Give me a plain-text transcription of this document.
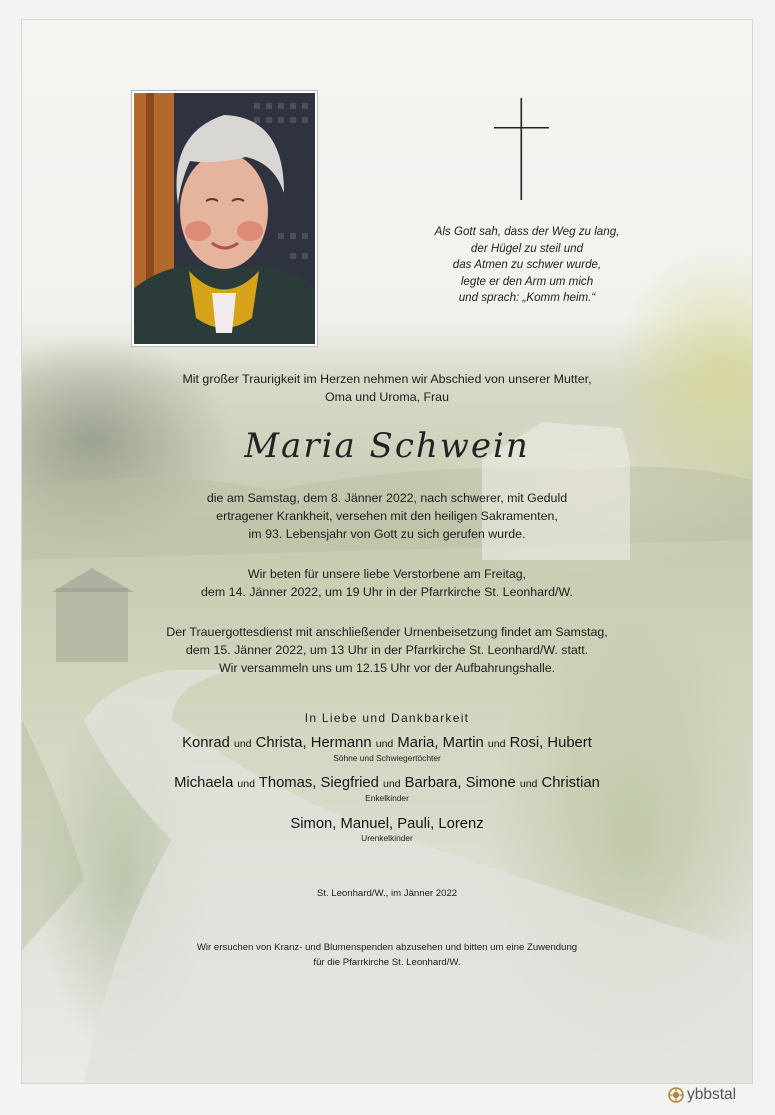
Als Gott sah, dass der Weg zu lang,
der Hügel zu steil und
das Atmen zu schwer wurde,
legte er den Arm um mich
und sprach: „Komm heim.“
Mit großer Traurigkeit im Herzen nehmen wir Abschied von unserer Mutter,
Oma und Uroma, Frau
Maria Schwein
die am Samstag, dem 8. Jänner 2022, nach schwerer, mit Geduld
ertragener Krankheit, versehen mit den heiligen Sakramenten,
im 93. Lebensjahr von Gott zu sich gerufen wurde.
Wir beten für unsere liebe Verstorbene am Freitag,
dem 14. Jänner 2022, um 19 Uhr in der Pfarrkirche St. Leonhard/W.
Der Trauergottesdienst mit anschließender Urnenbeisetzung findet am Samstag,
dem 15. Jänner 2022, um 13 Uhr in der Pfarrkirche St. Leonhard/W. statt.
Wir versammeln uns um 12.15 Uhr vor der Aufbahrungshalle.
In Liebe und Dankbarkeit
Konrad und Christa, Hermann und Maria, Martin und Rosi, Hubert
Söhne und Schwiegertöchter
Michaela und Thomas, Siegfried und Barbara, Simone und Christian
Enkelkinder
Simon, Manuel, Pauli, Lorenz
Urenkelkinder
St. Leonhard/W., im Jänner 2022
Wir ersuchen von Kranz- und Blumenspenden abzusehen und bitten um eine Zuwendung
für die Pfarrkirche St. Leonhard/W.
ybbstal
